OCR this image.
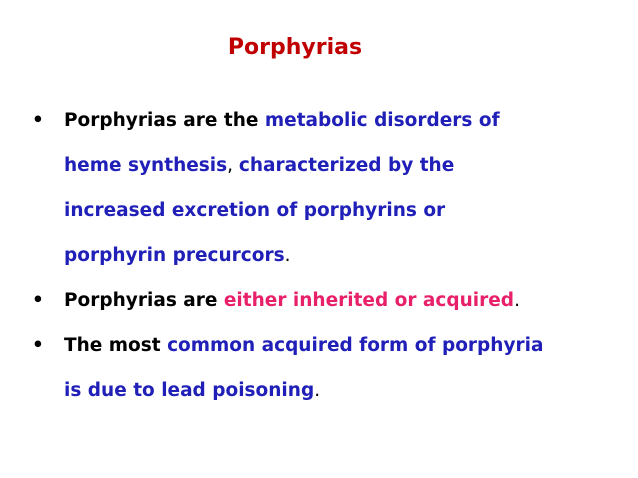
Porphyrias
•	Porphyrias are the metabolic disorders of
heme synthesis, characterized by the
increased excretion of porphyrins or
porphyrin precurcors.
•	Porphyrias are either inherited or acquired.
•	The most common acquired form of porphyria
is due to lead poisoning.
